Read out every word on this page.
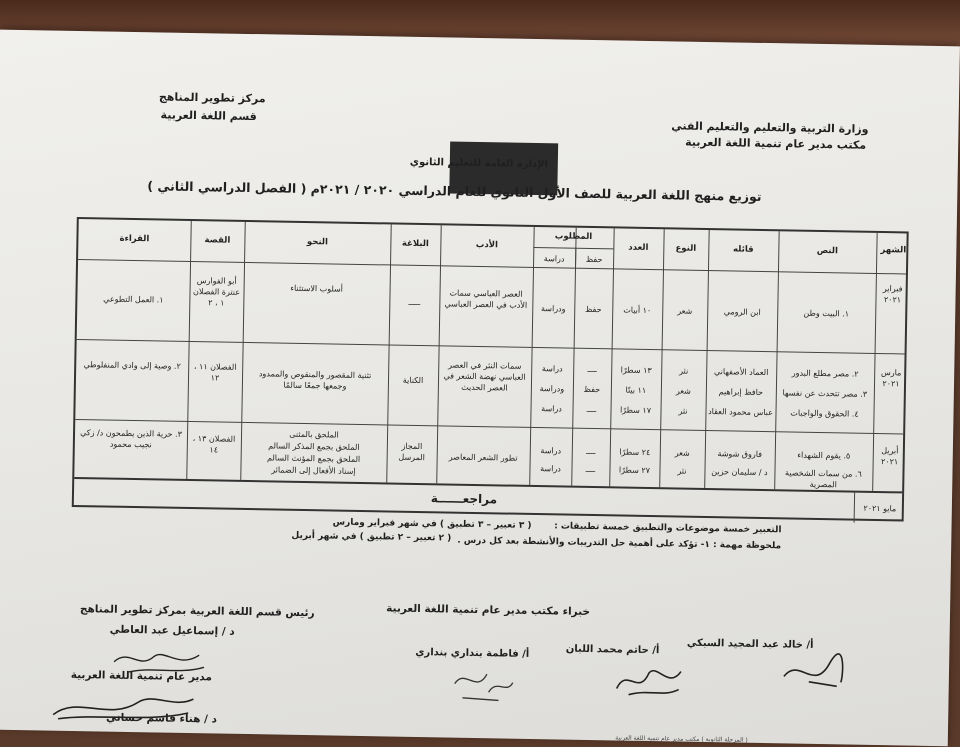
وزارة التربية والتعليم والتعليم الفني
مكتب مدير عام تنمية اللغة العربية
الإدارة العامة للتعليم الثانوي
مركز تطوير المناهج
قسم اللغة العربية
توزيع منهج اللغة العربية للصف الأول الثانوي للعام الدراسي ٢٠٢٠ / ٢٠٢١م ( الفصل الدراسي الثاني )
الشهر
النص
قائله
النوع
العدد
المطلوب
حفظ
دراسة
الأدب
البلاغة
النحو
القصة
القراءة
فبراير ٢٠٢١
١. البيت وطن
ابن الرومي
شعر
١٠ أبيات
حفظ
ودراسة
العصر العباسي سمات الأدب في العصر العباسي
ـــــ
أسلوب الاستثناء
أبو الفوارس عنترة الفصلان ١ ، ٢
١. العمل التطوعي
مارس ٢٠٢١
٢. مصر مطلع البدور
٣. مصر تتحدث عن نفسها
٤. الحقوق والواجبات
العماد الأصفهاني
حافظ إبراهيم
عباس محمود العقاد
نثر
شعر
نثر
١٣ سطرًا
١١ بيتًا
١٧ سطرًا
ــــ
حفظ
ــــ
دراسة
ودراسة
دراسة
سمات النثر في العصر العباسي نهضة الشعر في العصر الحديث
الكناية
تثنية المقصور والمنقوص والممدود وجمعها جمعًا سالمًا
الفصلان ١١ ، ١٢
٢. وصية إلى وادي المنفلوطي
أبريل ٢٠٢١
٥. يقوم الشهداء
٦. من سمات الشخصية المصرية
فاروق شوشة
د / سليمان حزين
شعر
نثر
٢٤ سطرًا
٢٧ سطرًا
ــــ
ــــ
دراسة
دراسة
تطور الشعر المعاصر
المجاز المرسل
الملحق بالمثنى
الملحق بجمع المذكر السالم
الملحق بجمع المؤنث السالم
إسناد الأفعال إلى الضمائر
الفصلان ١٣ ، ١٤
٣. حرية الذين يطمحون د/ زكي نجيب محمود
مايو ٢٠٢١
مراجعــــــة
التعبير خمسة موضوعات والتطبيق خمسة تطبيقات :
( ٣ تعبير – ٣ تطبيق ) في شهر فبراير ومارس
( ٢ تعبير – ٢ تطبيق ) في شهر أبريل ملحوظة مهمة : ١- تؤكد على أهمية حل التدريبات والأنشطة بعد كل درس .
خبراء مكتب مدير عام تنمية اللغة العربية
أ/ خالد عبد المجيد السبكي
أ/ حاتم محمد اللبان
أ/ فاطمة بنداري بنداري
رئيس قسم اللغة العربية بمركز تطوير المناهج
د / إسماعيل عبد العاطي
مدير عام تنمية اللغة العربية
د / هناء قاسم حساني
( المرحلة الثانوية ) مكتب مدير عام تنمية اللغة العربية
